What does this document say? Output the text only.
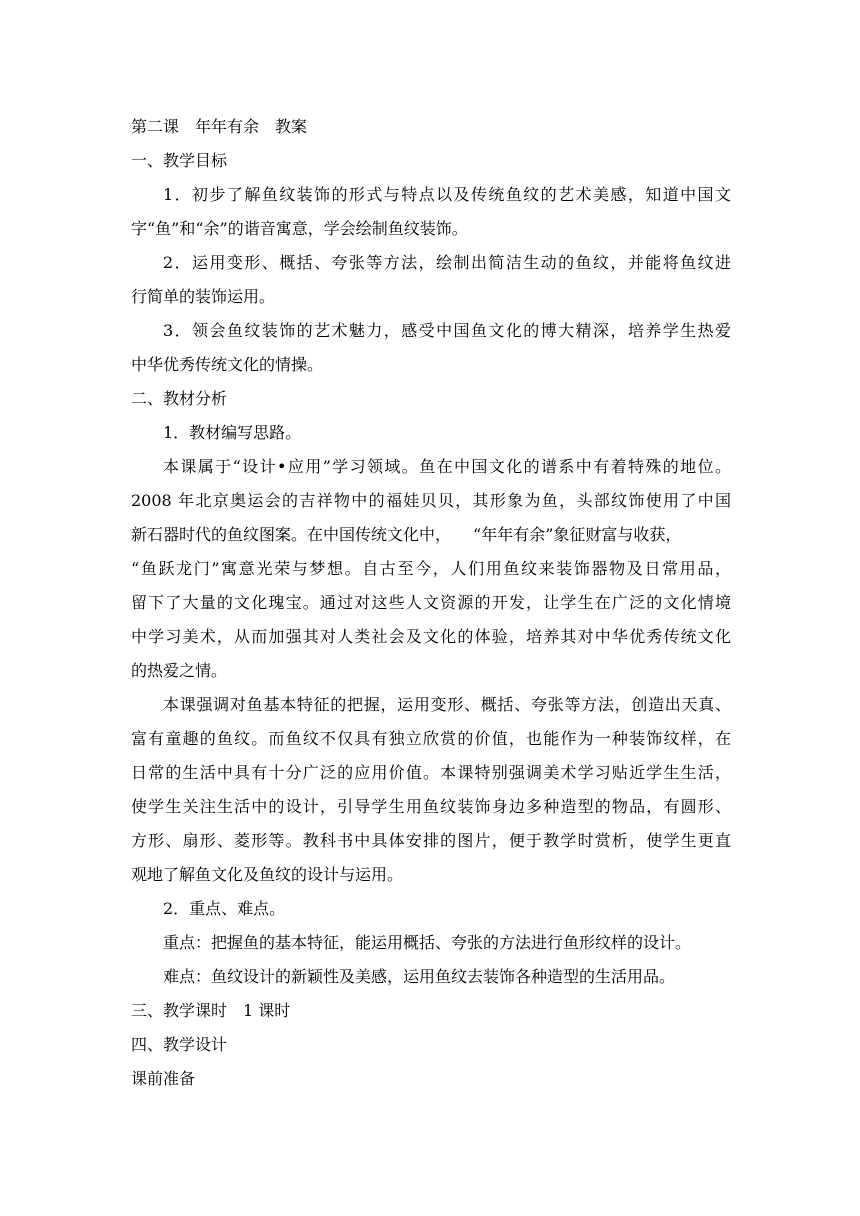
第二课 年年有余 教案
一、教学目标
1．初步了解鱼纹装饰的形式与特点以及传统鱼纹的艺术美感，知道中国文
字“鱼”和“余”的谐音寓意，学会绘制鱼纹装饰。
2．运用变形、概括、夸张等方法，绘制出简洁生动的鱼纹，并能将鱼纹进
行简单的装饰运用。
3．领会鱼纹装饰的艺术魅力，感受中国鱼文化的博大精深，培养学生热爱
中华优秀传统文化的情操。
二、教材分析
1．教材编写思路。
本课属于“设计•应用”学习领域。鱼在中国文化的谱系中有着特殊的地位。
2008 年北京奥运会的吉祥物中的福娃贝贝，其形象为鱼，头部纹饰使用了中国
新石器时代的鱼纹图案。在中国传统文化中， “年年有余”象征财富与收获，
“鱼跃龙门”寓意光荣与梦想。自古至今，人们用鱼纹来装饰器物及日常用品，
留下了大量的文化瑰宝。通过对这些人文资源的开发，让学生在广泛的文化情境
中学习美术，从而加强其对人类社会及文化的体验，培养其对中华优秀传统文化
的热爱之情。
本课强调对鱼基本特征的把握，运用变形、概括、夸张等方法，创造出天真、
富有童趣的鱼纹。而鱼纹不仅具有独立欣赏的价值，也能作为一种装饰纹样，在
日常的生活中具有十分广泛的应用价值。本课特别强调美术学习贴近学生生活，
使学生关注生活中的设计，引导学生用鱼纹装饰身边多种造型的物品，有圆形、
方形、扇形、菱形等。教科书中具体安排的图片，便于教学时赏析，使学生更直
观地了解鱼文化及鱼纹的设计与运用。
2．重点、难点。
重点：把握鱼的基本特征，能运用概括、夸张的方法进行鱼形纹样的设计。
难点：鱼纹设计的新颖性及美感，运用鱼纹去装饰各种造型的生活用品。
三、教学课时 1 课时
四、教学设计
课前准备
